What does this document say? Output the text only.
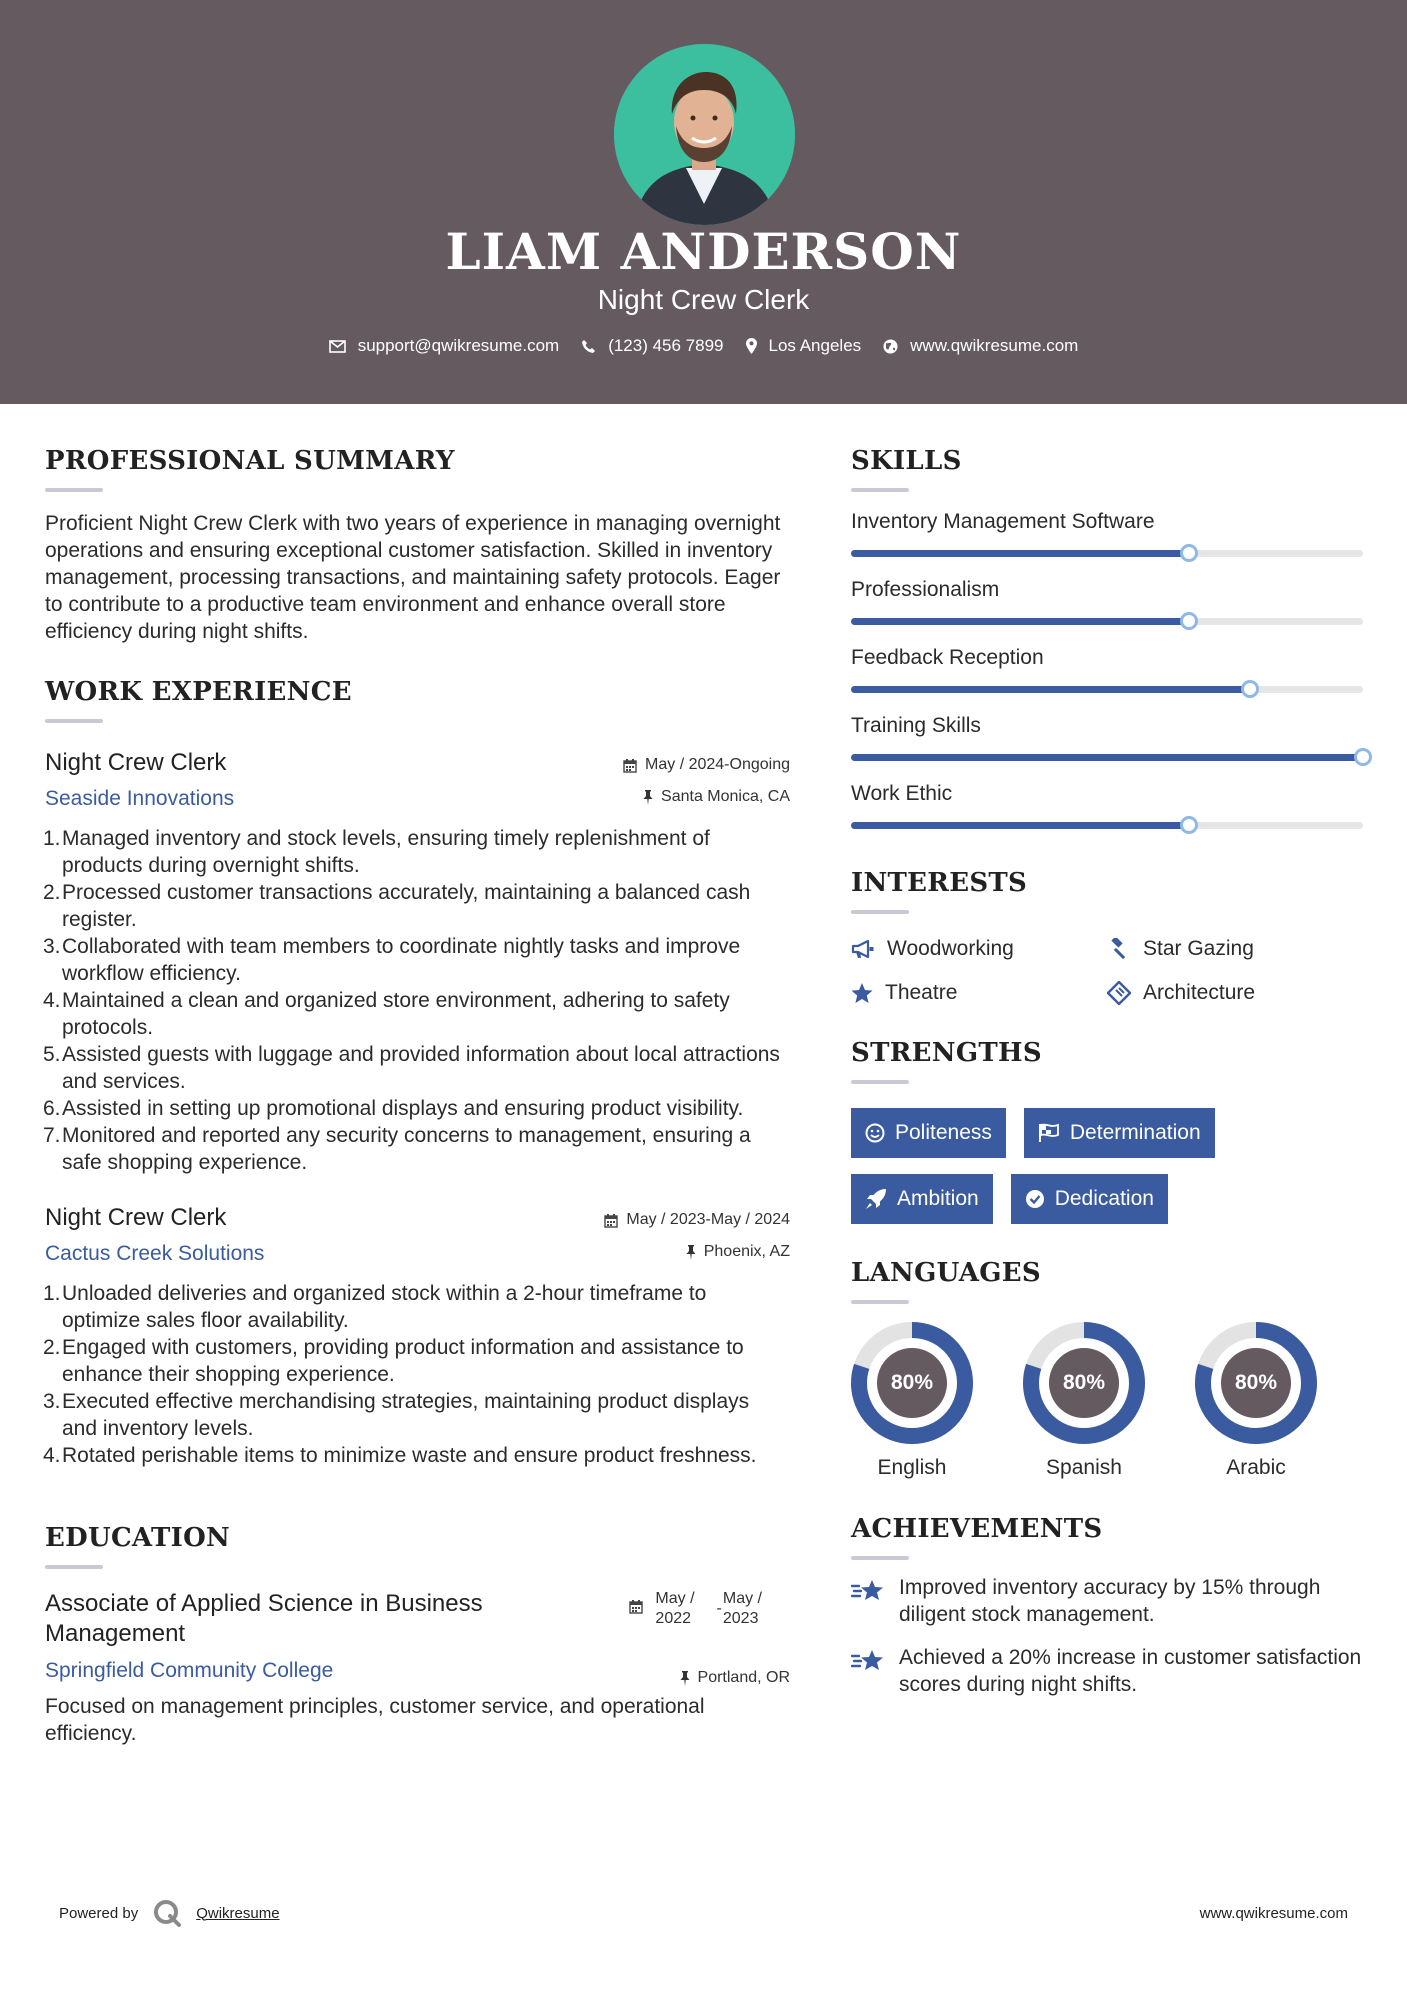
LIAM ANDERSON
Night Crew Clerk
support@qwikresume.com	(123) 456 7899	Los Angeles	www.qwikresume.com
PROFESSIONAL SUMMARY

Proficient Night Crew Clerk with two years of experience in managing overnight operations and ensuring exceptional customer satisfaction. Skilled in inventory management, processing transactions, and maintaining safety protocols. Eager to contribute to a productive team environment and enhance overall store efficiency during night shifts.

WORK EXPERIENCE
Night Crew Clerk
Seaside Innovations
May / 2024-Ongoing
Santa Monica, CA
1. Managed inventory and stock levels, ensuring timely replenishment of products during overnight shifts.
2. Processed customer transactions accurately, maintaining a balanced cash register.
3. Collaborated with team members to coordinate nightly tasks and improve workflow efficiency.
4. Maintained a clean and organized store environment, adhering to safety protocols.
5. Assisted guests with luggage and provided information about local attractions and services.
6. Assisted in setting up promotional displays and ensuring product visibility.
7. Monitored and reported any security concerns to management, ensuring a safe shopping experience.
Night Crew Clerk
Cactus Creek Solutions
May / 2023-May / 2024
Phoenix, AZ
1. Unloaded deliveries and organized stock within a 2-hour timeframe to optimize sales floor availability.
2. Engaged with customers, providing product information and assistance to enhance their shopping experience.
3. Executed effective merchandising strategies, maintaining product displays and inventory levels.
4. Rotated perishable items to minimize waste and ensure product freshness.
EDUCATION
Associate of Applied Science in Business Management
Springfield Community College
May /
2022
-
May /
2023
Portland, OR

Focused on management principles, customer service, and operational efficiency.

SKILLS
Inventory Management Software
Professionalism
Feedback Reception
Training Skills
Work Ethic
INTERESTS
Woodworking	Star Gazing
Theatre	Architecture
STRENGTHS
Politeness	Determination
Ambition	Dedication
LANGUAGES
80%
English
80%
Spanish
80%
Arabic
ACHIEVEMENTS
Improved inventory accuracy by 15% through diligent stock management.
Achieved a 20% increase in customer satisfaction scores during night shifts.
Powered by	Qwikresume	www.qwikresume.com
